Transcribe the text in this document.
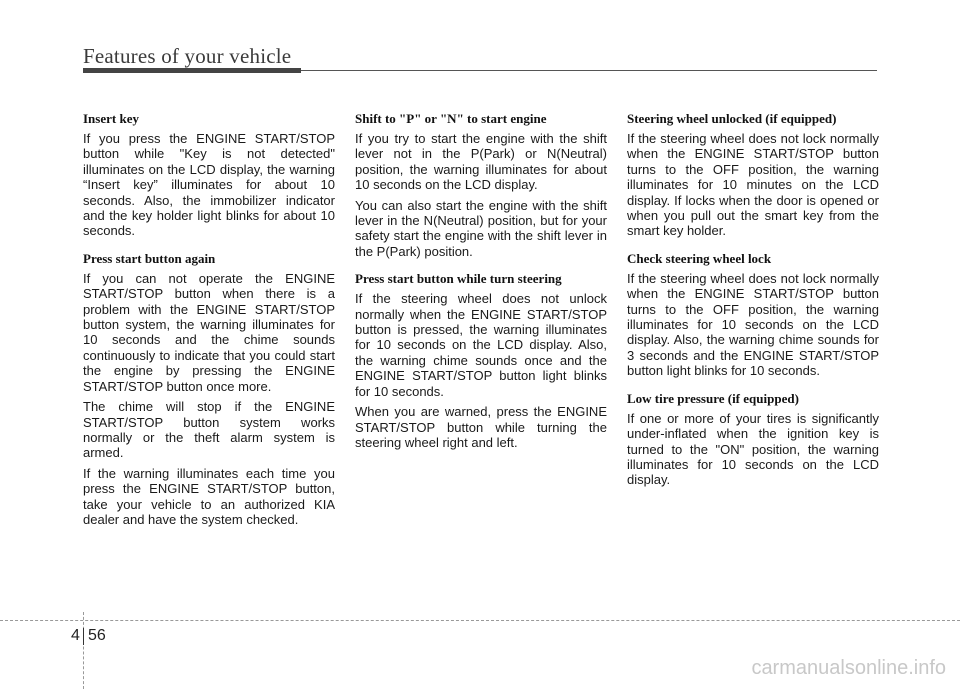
Features of your vehicle
Insert key

If you press the ENGINE START/STOP button while "Key is not detected" illuminates on the LCD display, the warning “Insert key” illuminates for about 10 seconds. Also, the immobilizer indicator and the key holder light blinks for about 10 seconds.

Press start button again

If you can not operate the ENGINE START/STOP button when there is a problem with the ENGINE START/STOP button system, the warning illuminates for 10 seconds and the chime sounds continuously to indicate that you could start the engine by pressing the ENGINE START/STOP button once more.

The chime will stop if the ENGINE START/STOP button system works normally or the theft alarm system is armed.

If the warning illuminates each time you press the ENGINE START/STOP button, take your vehicle to an authorized KIA dealer and have the system checked.

Shift to "P" or "N" to start engine

If you try to start the engine with the shift lever not in the P(Park) or N(Neutral) position, the warning illuminates for about 10 seconds on the LCD display.

You can also start the engine with the shift lever in the N(Neutral) position, but for your safety start the engine with the shift lever in the P(Park) position.

Press start button while turn steering

If the steering wheel does not unlock normally when the ENGINE START/STOP button is pressed, the warning illuminates for 10 seconds on the LCD display. Also, the warning chime sounds once and the ENGINE START/STOP button light blinks for 10 seconds.

When you are warned, press the ENGINE START/STOP button while turning the steering wheel right and left.

Steering wheel unlocked (if equipped)

If the steering wheel does not lock normally when the ENGINE START/STOP button turns to the OFF position, the warning illuminates for 10 minutes on the LCD display. If locks when the door is opened or when you pull out the smart key from the smart key holder.

Check steering wheel lock

If the steering wheel does not lock normally when the ENGINE START/STOP button turns to the OFF position, the warning illuminates for 10 seconds on the LCD display. Also, the warning chime sounds for 3 seconds and the ENGINE START/STOP button light blinks for 10 seconds.

Low tire pressure (if equipped)

If one or more of your tires is significantly under-inflated when the ignition key is turned to the "ON" position, the warning illuminates for 10 seconds on the LCD display.

4 56
carmanualsonline.info
